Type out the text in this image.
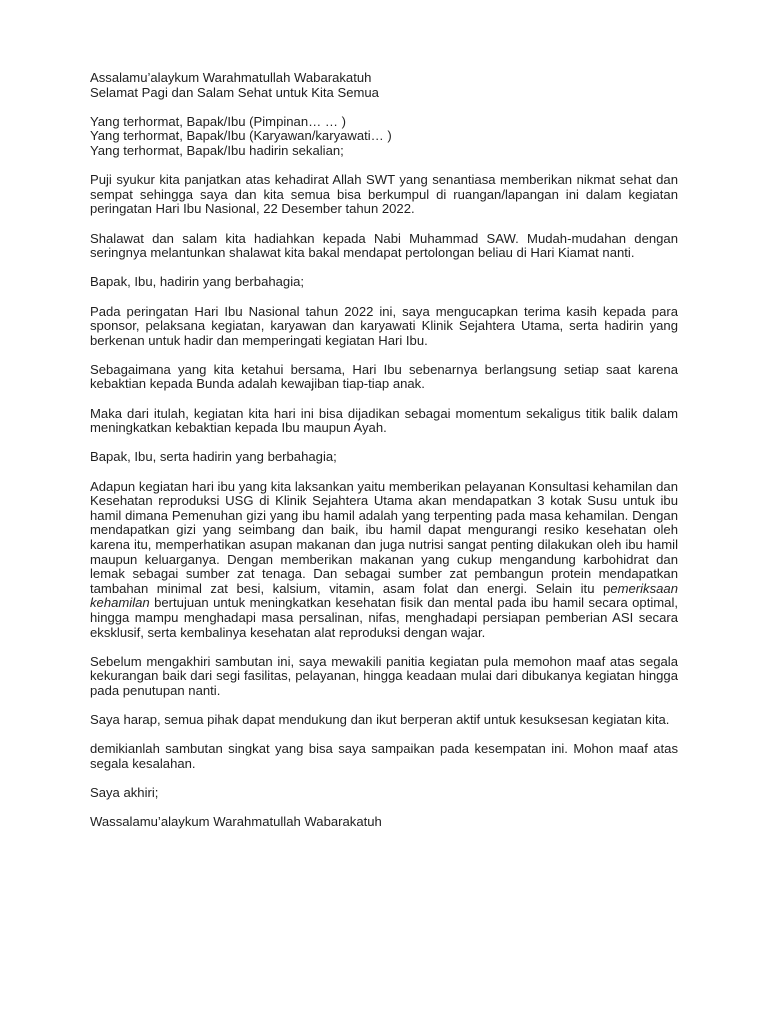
Assalamu’alaykum Warahmatullah Wabarakatuh

Selamat Pagi dan Salam Sehat untuk Kita Semua

Yang terhormat, Bapak/Ibu (Pimpinan… … )

Yang terhormat, Bapak/Ibu (Karyawan/karyawati… )

Yang terhormat, Bapak/Ibu hadirin sekalian;

Puji syukur kita panjatkan atas kehadirat Allah SWT yang senantiasa memberikan nikmat sehat dan sempat sehingga saya dan kita semua bisa berkumpul di ruangan/lapangan ini dalam kegiatan peringatan Hari Ibu Nasional, 22 Desember tahun 2022.

Shalawat dan salam kita hadiahkan kepada Nabi Muhammad SAW. Mudah-mudahan dengan seringnya melantunkan shalawat kita bakal mendapat pertolongan beliau di Hari Kiamat nanti.

Bapak, Ibu, hadirin yang berbahagia;

Pada peringatan Hari Ibu Nasional tahun 2022 ini, saya mengucapkan terima kasih kepada para sponsor, pelaksana kegiatan, karyawan dan karyawati Klinik Sejahtera Utama, serta hadirin yang berkenan untuk hadir dan memperingati kegiatan Hari Ibu.

Sebagaimana yang kita ketahui bersama, Hari Ibu sebenarnya berlangsung setiap saat karena kebaktian kepada Bunda adalah kewajiban tiap-tiap anak.

Maka dari itulah, kegiatan kita hari ini bisa dijadikan sebagai momentum sekaligus titik balik dalam meningkatkan kebaktian kepada Ibu maupun Ayah.

Bapak, Ibu, serta hadirin yang berbahagia;

Adapun kegiatan hari ibu yang kita laksankan yaitu memberikan pelayanan Konsultasi kehamilan dan Kesehatan reproduksi USG di Klinik Sejahtera Utama akan mendapatkan 3 kotak Susu untuk ibu hamil dimana Pemenuhan gizi yang ibu hamil adalah yang terpenting pada masa kehamilan. Dengan mendapatkan gizi yang seimbang dan baik, ibu hamil dapat mengurangi resiko kesehatan oleh karena itu, memperhatikan asupan makanan dan juga nutrisi sangat penting dilakukan oleh ibu hamil maupun keluarganya. Dengan memberikan makanan yang cukup mengandung karbohidrat dan lemak sebagai sumber zat tenaga. Dan sebagai sumber zat pembangun protein mendapatkan tambahan minimal zat besi, kalsium, vitamin, asam folat dan energi. Selain itu pemeriksaan kehamilan bertujuan untuk meningkatkan kesehatan fisik dan mental pada ibu hamil secara optimal, hingga mampu menghadapi masa persalinan, nifas, menghadapi persiapan pemberian ASI secara eksklusif, serta kembalinya kesehatan alat reproduksi dengan wajar.

Sebelum mengakhiri sambutan ini, saya mewakili panitia kegiatan pula memohon maaf atas segala kekurangan baik dari segi fasilitas, pelayanan, hingga keadaan mulai dari dibukanya kegiatan hingga pada penutupan nanti.

Saya harap, semua pihak dapat mendukung dan ikut berperan aktif untuk kesuksesan kegiatan kita.

demikianlah sambutan singkat yang bisa saya sampaikan pada kesempatan ini. Mohon maaf atas segala kesalahan.

Saya akhiri;

Wassalamu’alaykum Warahmatullah Wabarakatuh
